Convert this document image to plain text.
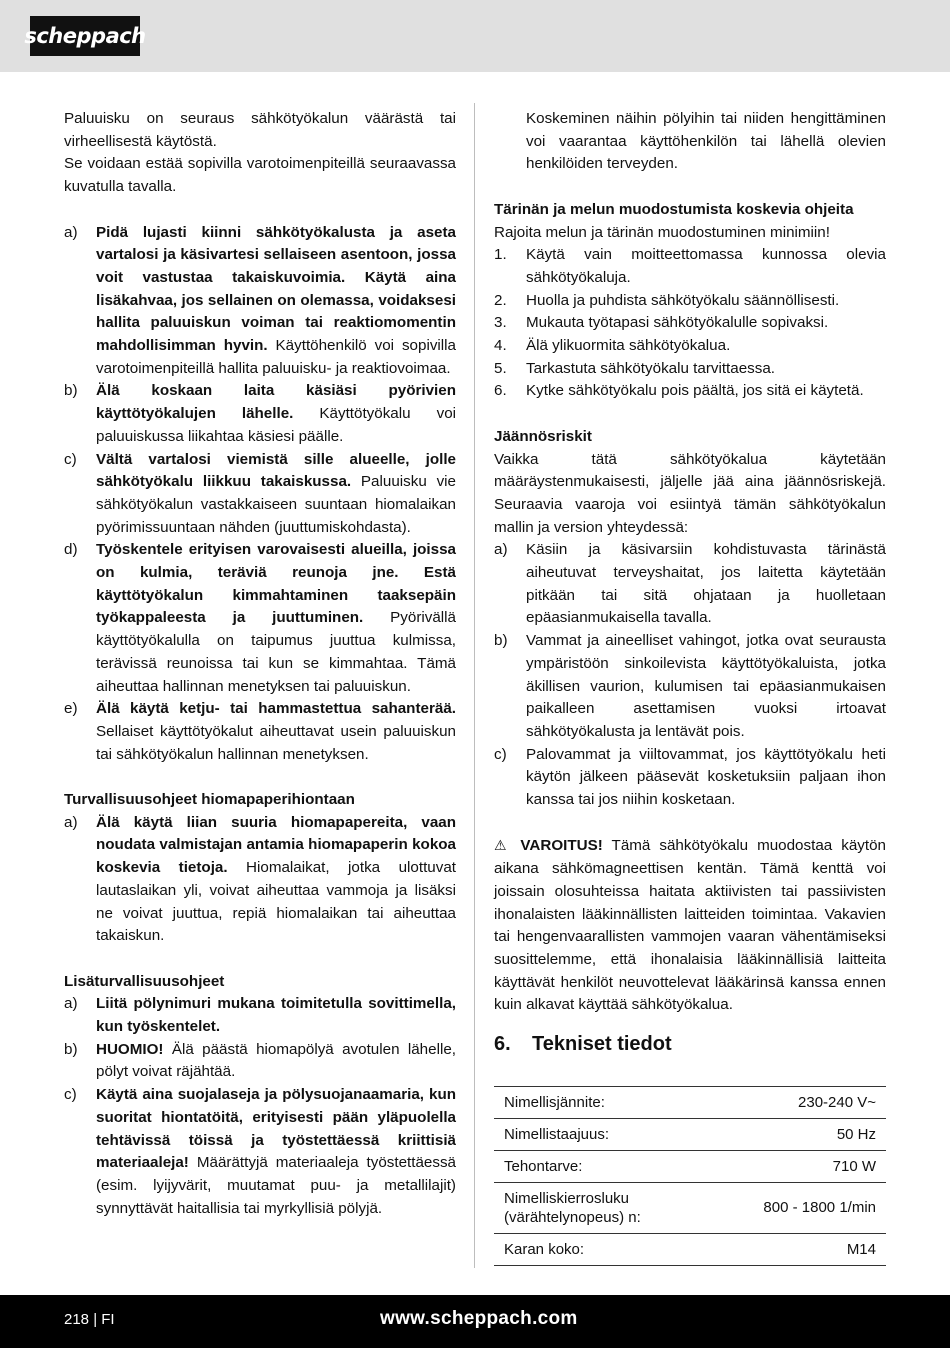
scheppach
Paluuisku on seuraus sähkötyökalun väärästä tai virheellisestä käytöstä.
Se voidaan estää sopivilla varotoimenpiteillä seuraavassa kuvatulla tavalla.
a)	Pidä lujasti kiinni sähkötyökalusta ja aseta vartalosi ja käsivartesi sellaiseen asentoon, jossa voit vastustaa takaiskuvoimia. Käytä aina lisäkahvaa, jos sellainen on olemassa, voidaksesi hallita paluuiskun voiman tai reaktiomomentin mahdollisimman hyvin. Käyttöhenkilö voi sopivilla varotoimenpiteillä hallita paluuisku- ja reaktiovoimaa.
b)	Älä koskaan laita käsiäsi pyörivien käyttötyökalujen lähelle. Käyttötyökalu voi paluuiskussa liikahtaa käsiesi päälle.
c)	Vältä vartalosi viemistä sille alueelle, jolle sähkötyökalu liikkuu takaiskussa. Paluuisku vie sähkötyökalun vastakkaiseen suuntaan hiomalaikan pyörimissuuntaan nähden (juuttumiskohdasta).
d)	Työskentele erityisen varovaisesti alueilla, joissa on kulmia, teräviä reunoja jne. Estä käyttötyökalun kimmahtaminen taaksepäin työkappaleesta ja juuttuminen. Pyörivällä käyttötyökalulla on taipumus juuttua kulmissa, terävissä reunoissa tai kun se kimmahtaa. Tämä aiheuttaa hallinnan menetyksen tai paluuiskun.
e)	Älä käytä ketju- tai hammastettua sahanterää. Sellaiset käyttötyökalut aiheuttavat usein paluuiskun tai sähkötyökalun hallinnan menetyksen.
Turvallisuusohjeet hiomapaperihiontaan
a)	Älä käytä liian suuria hiomapapereita, vaan noudata valmistajan antamia hiomapaperin kokoa koskevia tietoja. Hiomalaikat, jotka ulottuvat lautaslaikan yli, voivat aiheuttaa vammoja ja lisäksi ne voivat juuttua, repiä hiomalaikan tai aiheuttaa takaiskun.
Lisäturvallisuusohjeet
a)	Liitä pölynimuri mukana toimitetulla sovittimella, kun työskentelet.
b)	HUOMIO! Älä päästä hiomapölyä avotulen lähelle, pölyt voivat räjähtää.
c)	Käytä aina suojalaseja ja pölysuojanaamaria, kun suoritat hiontatöitä, erityisesti pään yläpuolella tehtävissä töissä ja työstettäessä kriittisiä materiaaleja! Määrättyjä materiaaleja työstettäessä (esim. lyijyvärit, muutamat puu- ja metallilajit) synnyttävät haitallisia tai myrkyllisiä pölyjä.
Koskeminen näihin pölyihin tai niiden hengittäminen voi vaarantaa käyttöhenkilön tai lähellä olevien henkilöiden terveyden.
Tärinän ja melun muodostumista koskevia ohjeita
Rajoita melun ja tärinän muodostuminen minimiin!
1.	Käytä vain moitteettomassa kunnossa olevia sähkötyökaluja.
2.	Huolla ja puhdista sähkötyökalu säännöllisesti.
3.	Mukauta työtapasi sähkötyökalulle sopivaksi.
4.	Älä ylikuormita sähkötyökalua.
5.	Tarkastuta sähkötyökalu tarvittaessa.
6.	Kytke sähkötyökalu pois päältä, jos sitä ei käytetä.
Jäännösriskit
Vaikka tätä sähkötyökalua käytetään määräystenmukaisesti, jäljelle jää aina jäännösriskejä. Seuraavia vaaroja voi esiintyä tämän sähkötyökalun mallin ja version yhteydessä:
a)	Käsiin ja käsivarsiin kohdistuvasta tärinästä aiheutuvat terveyshaitat, jos laitetta käytetään pitkään tai sitä ohjataan ja huolletaan epäasianmukaisella tavalla.
b)	Vammat ja aineelliset vahingot, jotka ovat seurausta ympäristöön sinkoilevista käyttötyökaluista, jotka äkillisen vaurion, kulumisen tai epäasianmukaisen paikalleen asettamisen vuoksi irtoavat sähkötyökalusta ja lentävät pois.
c)	Palovammat ja viiltovammat, jos käyttötyökalu heti käytön jälkeen pääsevät kosketuksiin paljaan ihon kanssa tai jos niihin kosketaan.
⚠ VAROITUS! Tämä sähkötyökalu muodostaa käytön aikana sähkömagneettisen kentän. Tämä kenttä voi joissain olosuhteissa haitata aktiivisten tai passiivisten ihonalaisten lääkinnällisten laitteiden toimintaa. Vakavien tai hengenvaarallisten vammojen vaaran vähentämiseksi suosittelemme, että ihonalaisia lääkinnällisiä laitteita käyttävät henkilöt neuvottelevat lääkärinsä kanssa ennen kuin alkavat käyttää sähkötyökalua.
6.	Tekniset tiedot
Nimellisjännite:	230-240 V~
Nimellistaajuus:	50 Hz
Tehontarve:	710 W
Nimelliskierrosluku (värähtelynopeus) n:	800 - 1800 1/min
Karan koko:	M14
218 | FI	www.scheppach.com
